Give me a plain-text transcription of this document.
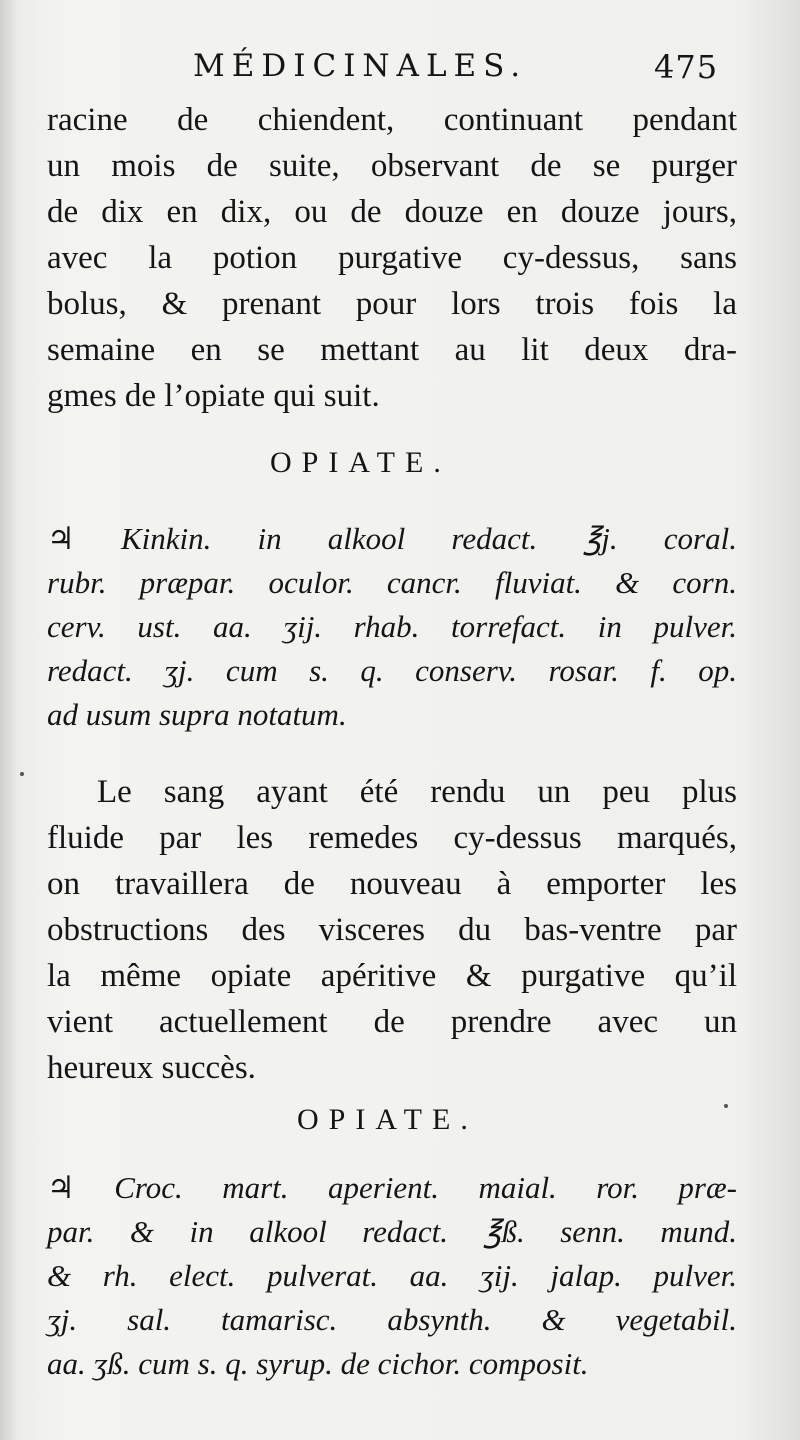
MÉDICINALES.	475
racine de chiendent, continuant pendant
un mois de suite, observant de se purger
de dix en dix, ou de douze en douze jours,
avec la potion purgative cy-dessus, sans
bolus, & prenant pour lors trois fois la
semaine en se mettant au lit deux dra-
gmes de l’opiate qui suit.
OPIATE.
♃ Kinkin. in alkool redact. ℥j. coral.
rubr. præpar. oculor. cancr. fluviat. & corn.
cerv. ust. aa. ʒij. rhab. torrefact. in pulver.
redact. ʒj. cum s. q. conserv. rosar. f. op.
ad usum supra notatum.
Le sang ayant été rendu un peu plus
fluide par les remedes cy-dessus marqués,
on travaillera de nouveau à emporter les
obstructions des visceres du bas-ventre par
la même opiate apéritive & purgative qu’il
vient actuellement de prendre avec un
heureux succès.
OPIATE.
♃ Croc. mart. aperient. maial. ror. præ-
par. & in alkool redact. ℥ß. senn. mund.
& rh. elect. pulverat. aa. ʒij. jalap. pulver.
ʒj. sal. tamarisc. absynth. & vegetabil.
aa. ʒß. cum s. q. syrup. de cichor. composit.
